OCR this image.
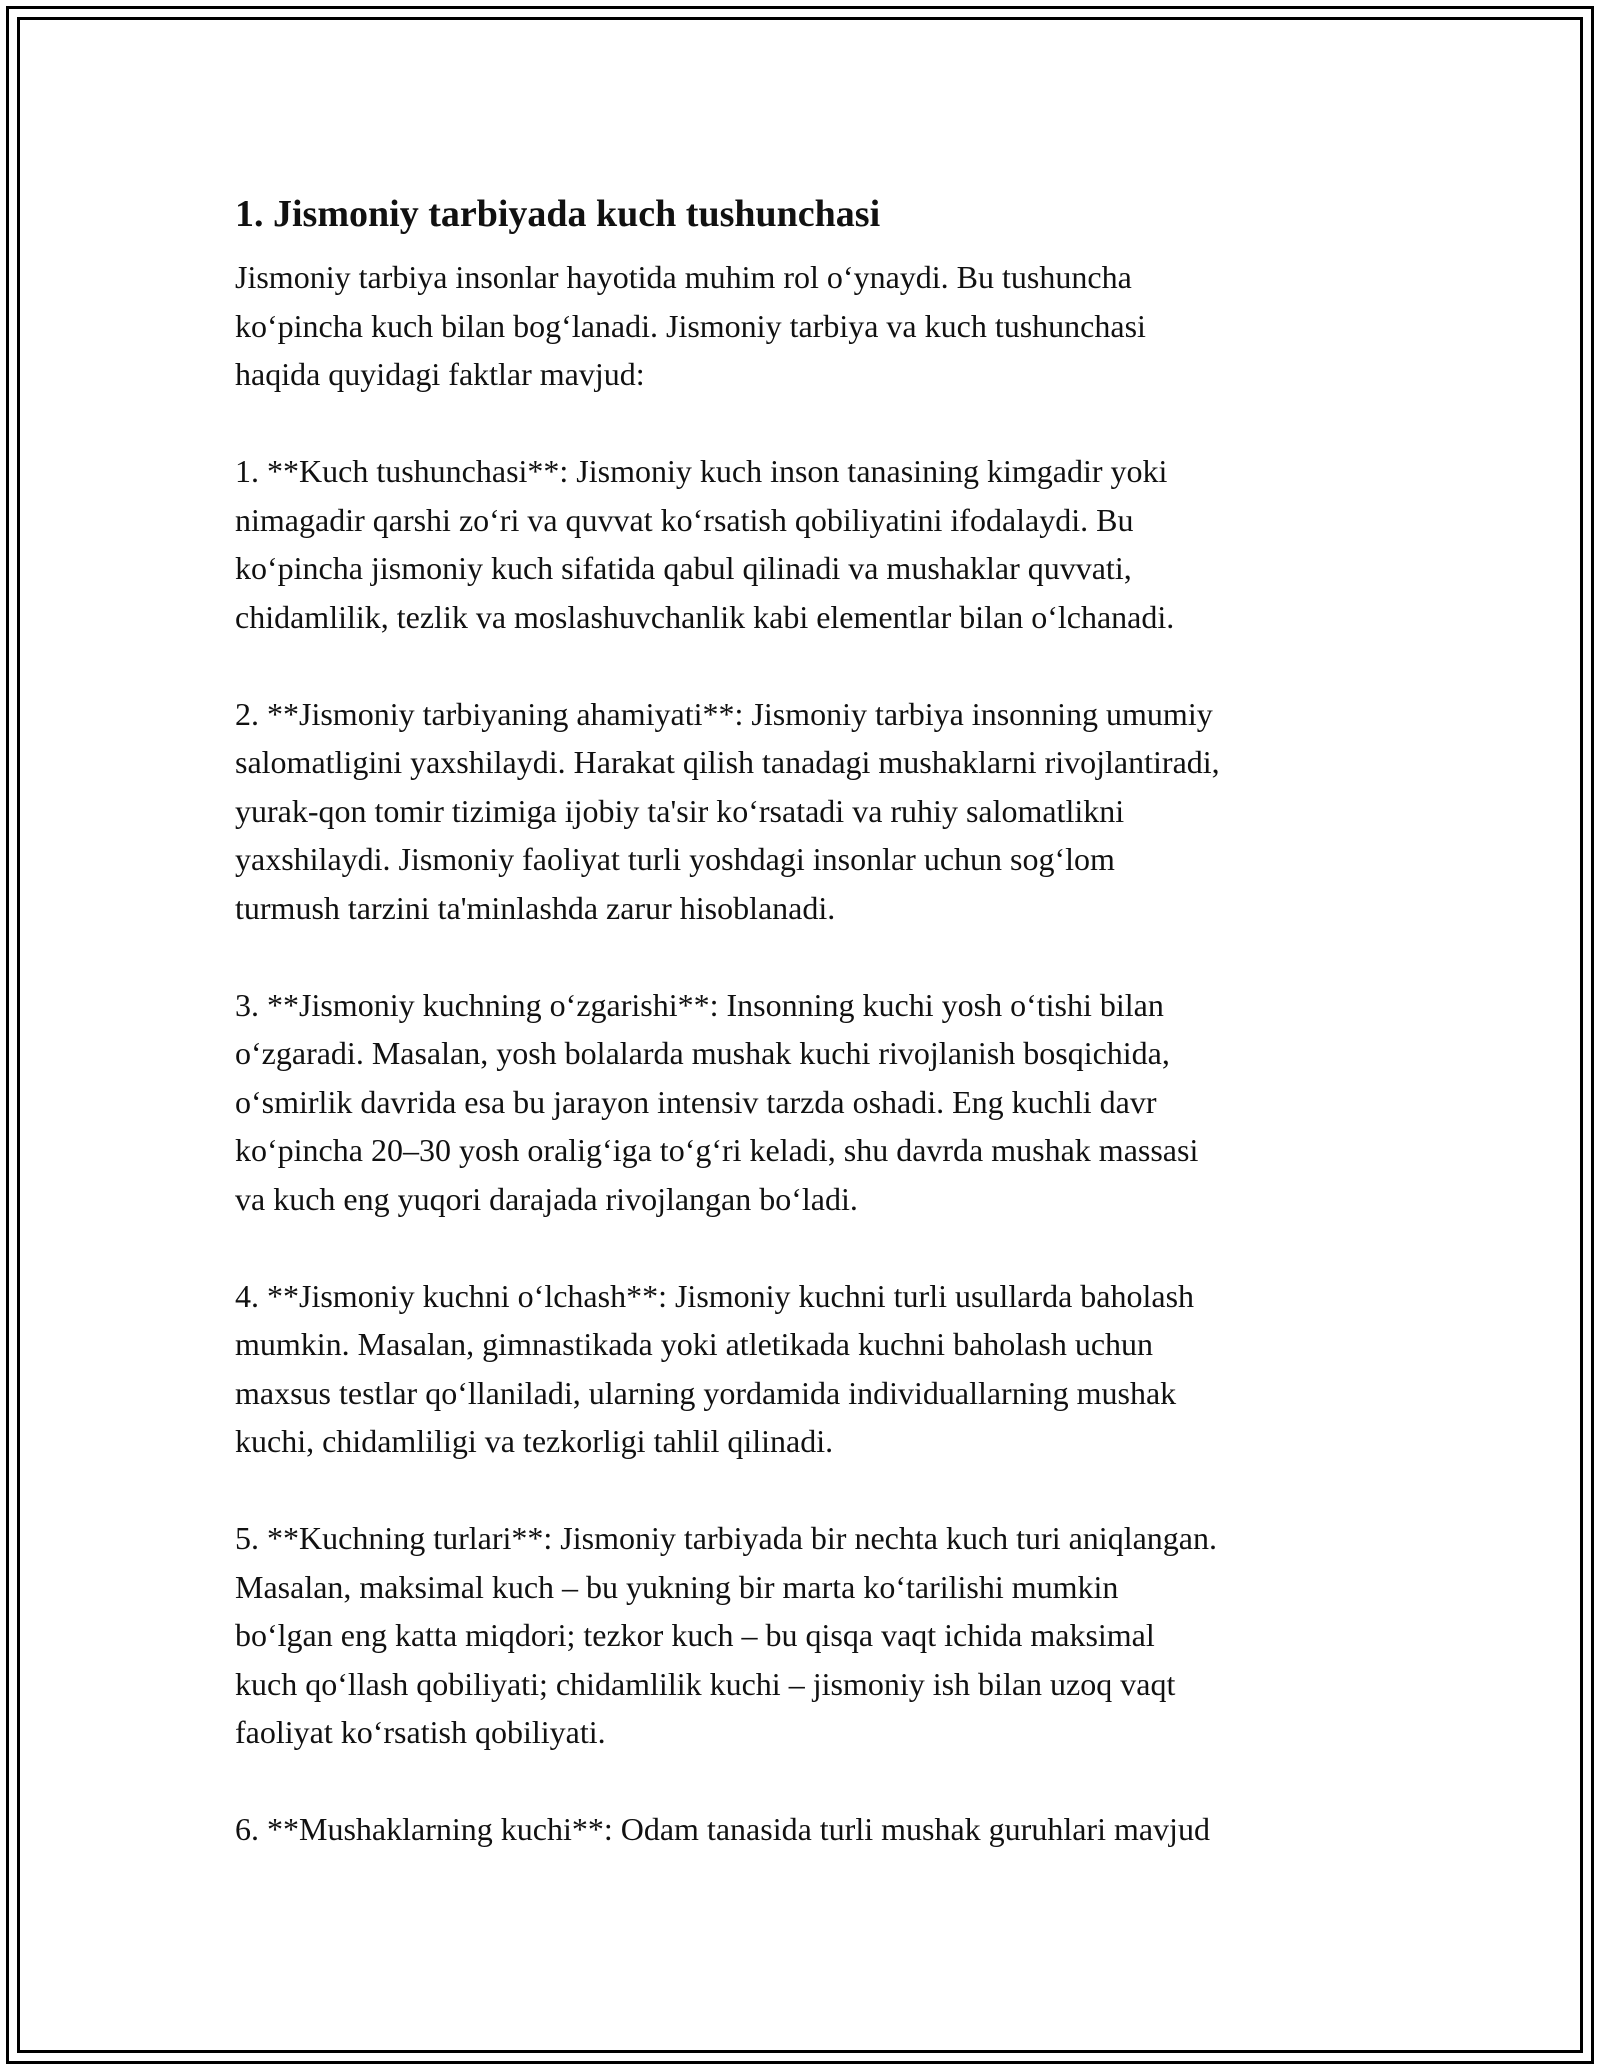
1. Jismoniy tarbiyada kuch tushunchasi
Jismoniy tarbiya insonlar hayotida muhim rol o‘ynaydi. Bu tushuncha
ko‘pincha kuch bilan bog‘lanadi. Jismoniy tarbiya va kuch tushunchasi
haqida quyidagi faktlar mavjud:
1. **Kuch tushunchasi**: Jismoniy kuch inson tanasining kimgadir yoki
nimagadir qarshi zo‘ri va quvvat ko‘rsatish qobiliyatini ifodalaydi. Bu
ko‘pincha jismoniy kuch sifatida qabul qilinadi va mushaklar quvvati,
chidamlilik, tezlik va moslashuvchanlik kabi elementlar bilan o‘lchanadi.
2. **Jismoniy tarbiyaning ahamiyati**: Jismoniy tarbiya insonning umumiy
salomatligini yaxshilaydi. Harakat qilish tanadagi mushaklarni rivojlantiradi,
yurak-qon tomir tizimiga ijobiy ta'sir ko‘rsatadi va ruhiy salomatlikni
yaxshilaydi. Jismoniy faoliyat turli yoshdagi insonlar uchun sog‘lom
turmush tarzini ta'minlashda zarur hisoblanadi.
3. **Jismoniy kuchning o‘zgarishi**: Insonning kuchi yosh o‘tishi bilan
o‘zgaradi. Masalan, yosh bolalarda mushak kuchi rivojlanish bosqichida,
o‘smirlik davrida esa bu jarayon intensiv tarzda oshadi. Eng kuchli davr
ko‘pincha 20–30 yosh oralig‘iga to‘g‘ri keladi, shu davrda mushak massasi
va kuch eng yuqori darajada rivojlangan bo‘ladi.
4. **Jismoniy kuchni o‘lchash**: Jismoniy kuchni turli usullarda baholash
mumkin. Masalan, gimnastikada yoki atletikada kuchni baholash uchun
maxsus testlar qo‘llaniladi, ularning yordamida individuallarning mushak
kuchi, chidamliligi va tezkorligi tahlil qilinadi.
5. **Kuchning turlari**: Jismoniy tarbiyada bir nechta kuch turi aniqlangan.
Masalan, maksimal kuch – bu yukning bir marta ko‘tarilishi mumkin
bo‘lgan eng katta miqdori; tezkor kuch – bu qisqa vaqt ichida maksimal
kuch qo‘llash qobiliyati; chidamlilik kuchi – jismoniy ish bilan uzoq vaqt
faoliyat ko‘rsatish qobiliyati.
6. **Mushaklarning kuchi**: Odam tanasida turli mushak guruhlari mavjud
